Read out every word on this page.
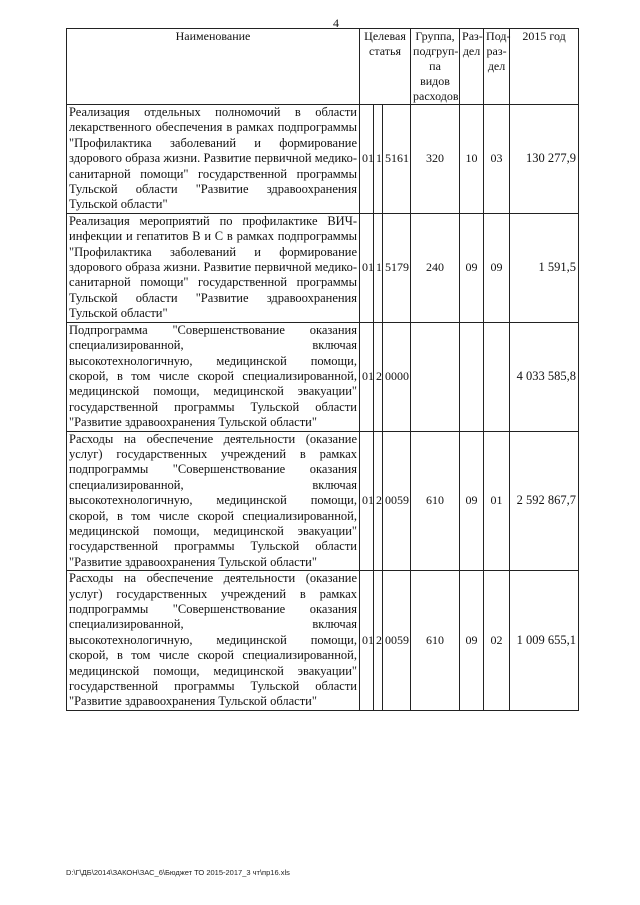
4
Наименование	Целевая статья			Группа, подгруп-па видов расходов	Раз-дел	Под-раз-дел	2015 год
Реализация отдельных полномочий в области лекарственного обеспечения в рамках подпрограммы "Профилактика заболеваний и формирование здорового образа жизни. Развитие первичной медико-санитарной помощи" государственной программы Тульской области "Развитие здравоохранения Тульской области"	01	1	5161	320	10	03	130 277,9
Реализация мероприятий по профилактике ВИЧ-инфекции и гепатитов В и С в рамках подпрограммы "Профилактика заболеваний и формирование здорового образа жизни. Развитие первичной медико-санитарной помощи" государственной программы Тульской области "Развитие здравоохранения Тульской области"	01	1	5179	240	09	09	1 591,5
Подпрограмма "Совершенствование оказания специализированной, включая высокотехнологичную, медицинской помощи, скорой, в том числе скорой специализированной, медицинской помощи, медицинской эвакуации" государственной программы Тульской области "Развитие здравоохранения Тульской области"	01	2	0000				4 033 585,8
Расходы на обеспечение деятельности (оказание услуг) государственных учреждений в рамках подпрограммы "Совершенствование оказания специализированной, включая высокотехнологичную, медицинской помощи, скорой, в том числе скорой специализированной, медицинской помощи, медицинской эвакуации" государственной программы Тульской области "Развитие здравоохранения Тульской области"	01	2	0059	610	09	01	2 592 867,7
Расходы на обеспечение деятельности (оказание услуг) государственных учреждений в рамках подпрограммы "Совершенствование оказания специализированной, включая высокотехнологичную, медицинской помощи, скорой, в том числе скорой специализированной, медицинской помощи, медицинской эвакуации" государственной программы Тульской области "Развитие здравоохранения Тульской области"	01	2	0059	610	09	02	1 009 655,1
D:\Г\ДБ\2014\ЗАКОН\ЗАС_6\Бюджет ТО 2015-2017_3 чт\пр16.xls
